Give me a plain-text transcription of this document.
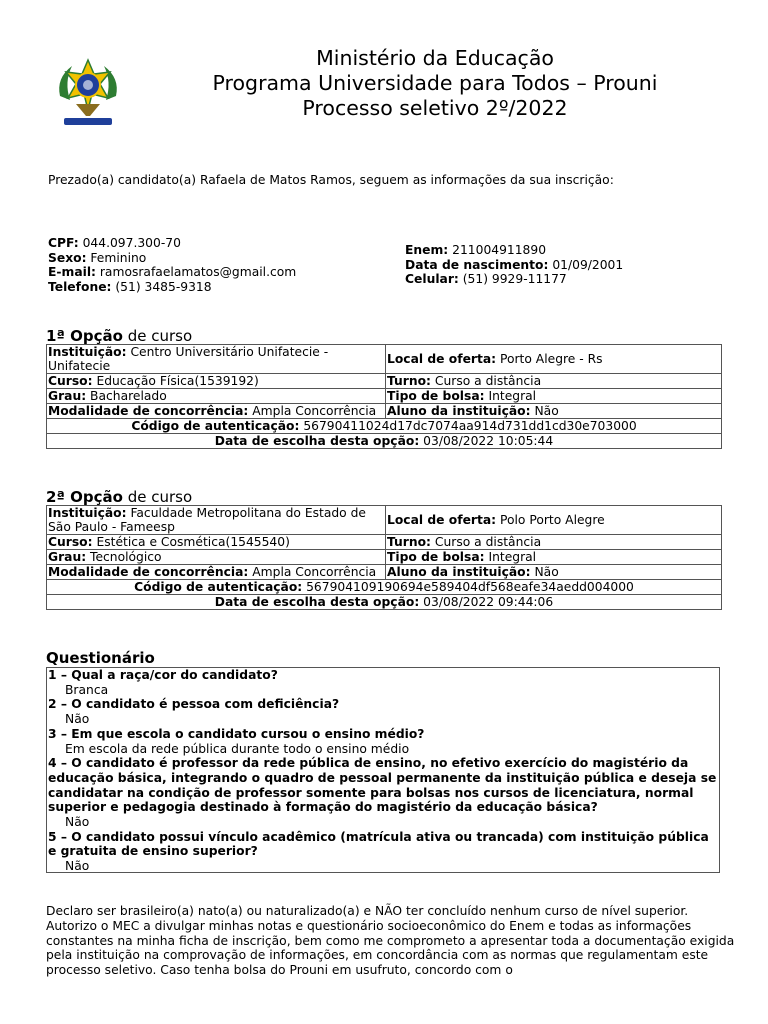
Ministério da Educação
Programa Universidade para Todos – Prouni
Processo seletivo 2º/2022
Prezado(a) candidato(a) Rafaela de Matos Ramos, seguem as informações da sua inscrição:
CPF: 044.097.300-70
Sexo: Feminino
E-mail: ramosrafaelamatos@gmail.com
Telefone: (51) 3485-9318
Enem: 211004911890
Data de nascimento: 01/09/2001
Celular: (51) 9929-11177
1ª Opção de curso
Instituição: Centro Universitário Unifatecie - Unifatecie	Local de oferta: Porto Alegre - Rs
Curso: Educação Física(1539192)	Turno: Curso a distância
Grau: Bacharelado	Tipo de bolsa: Integral
Modalidade de concorrência: Ampla Concorrência	Aluno da instituição: Não
Código de autenticação: 56790411024d17dc7074aa914d731dd1cd30e703000	
Data de escolha desta opção: 03/08/2022 10:05:44	
2ª Opção de curso
Instituição: Faculdade Metropolitana do Estado de São Paulo - Fameesp	Local de oferta: Polo Porto Alegre
Curso: Estética e Cosmética(1545540)	Turno: Curso a distância
Grau: Tecnológico	Tipo de bolsa: Integral
Modalidade de concorrência: Ampla Concorrência	Aluno da instituição: Não
Código de autenticação: 567904109190694e589404df568eafe34aedd004000	
Data de escolha desta opção: 03/08/2022 09:44:06	
Questionário
1 – Qual a raça/cor do candidato?
Branca
2 – O candidato é pessoa com deficiência?
Não
3 – Em que escola o candidato cursou o ensino médio?
Em escola da rede pública durante todo o ensino médio
4 – O candidato é professor da rede pública de ensino, no efetivo exercício do magistério da educação básica, integrando o quadro de pessoal permanente da instituição pública e deseja se candidatar na condição de professor somente para bolsas nos cursos de licenciatura, normal superior e pedagogia destinado à formação do magistério da educação básica?
Não
5 – O candidato possui vínculo acadêmico (matrícula ativa ou trancada) com instituição pública e gratuita de ensino superior?
Não
Declaro ser brasileiro(a) nato(a) ou naturalizado(a) e NÃO ter concluído nenhum curso de nível superior. Autorizo o MEC a divulgar minhas notas e questionário socioeconômico do Enem e todas as informações constantes na minha ficha de inscrição, bem como me comprometo a apresentar toda a documentação exigida pela instituição na comprovação de informações, em concordância com as normas que regulamentam este processo seletivo. Caso tenha bolsa do Prouni em usufruto, concordo com o
